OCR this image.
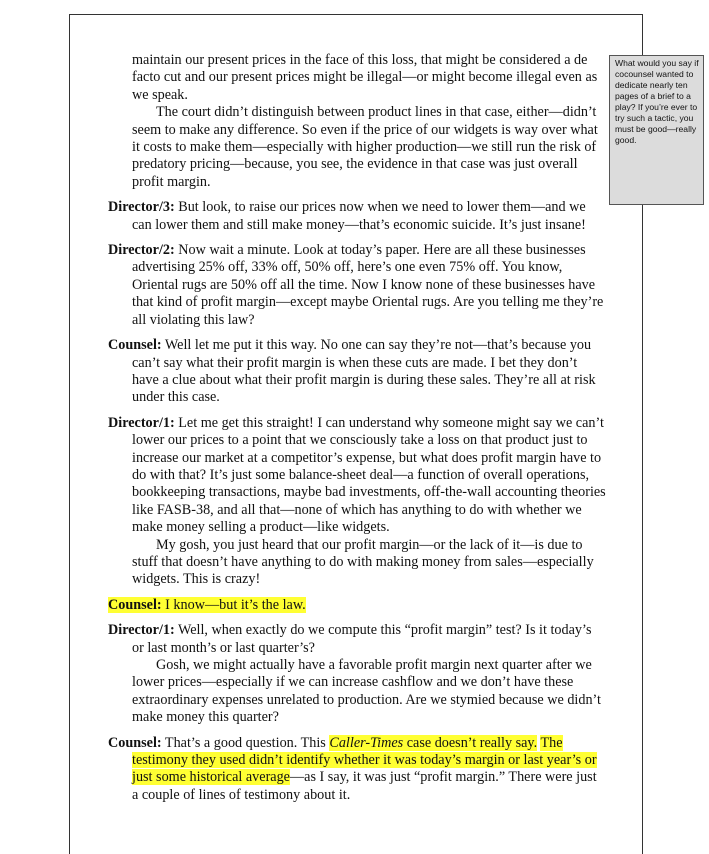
What would you say if cocounsel wanted to dedicate nearly ten pages of a brief to a play? If you’re ever to try such a tactic, you must be good—really good.

maintain our present prices in the face of this loss, that might be considered a de facto cut and our present prices might be illegal—or might become illegal even as we speak.

The court didn’t distinguish between product lines in that case, either—didn’t seem to make any difference. So even if the price of our widgets is way over what it costs to make them—especially with higher production—we still run the risk of predatory pricing—because, you see, the evidence in that case was just overall profit margin.

Director/3: But look, to raise our prices now when we need to lower them—and we can lower them and still make money—that’s economic suicide. It’s just insane!

Director/2: Now wait a minute. Look at today’s paper. Here are all these businesses advertising 25% off, 33% off, 50% off, here’s one even 75% off. You know, Oriental rugs are 50% off all the time. Now I know none of these businesses have that kind of profit margin—except maybe Oriental rugs. Are you telling me they’re all violating this law?

Counsel: Well let me put it this way. No one can say they’re not—that’s because you can’t say what their profit margin is when these cuts are made. I bet they don’t have a clue about what their profit margin is during these sales. They’re all at risk under this case.

Director/1: Let me get this straight! I can understand why someone might say we can’t lower our prices to a point that we consciously take a loss on that product just to increase our market at a competitor’s expense, but what does profit margin have to do with that? It’s just some balance-sheet deal—a function of overall operations, bookkeeping transactions, maybe bad investments, off-the-wall accounting theories like FASB-38, and all that—none of which has anything to do with whether we make money selling a product—like widgets.

My gosh, you just heard that our profit margin—or the lack of it—is due to stuff that doesn’t have anything to do with making money from sales—especially widgets. This is crazy!

Counsel: I know—but it’s the law.

Director/1: Well, when exactly do we compute this “profit margin” test? Is it today’s or last month’s or last quarter’s?

Gosh, we might actually have a favorable profit margin next quarter after we lower prices—especially if we can increase cashflow and we don’t have these extraordinary expenses unrelated to production. Are we stymied because we didn’t make money this quarter?

Counsel: That’s a good question. This Caller-Times case doesn’t really say. The testimony they used didn’t identify whether it was today’s margin or last year’s or just some historical average—as I say, it was just “profit margin.” There were just a couple of lines of testimony about it.
